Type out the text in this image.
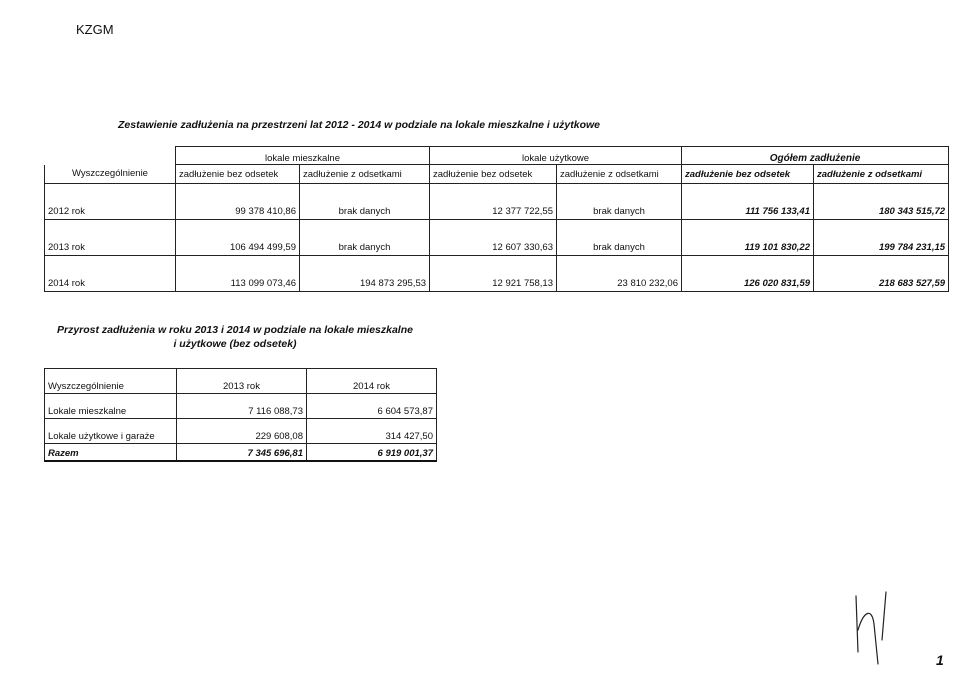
KZGM
Zestawienie zadłużenia na przestrzeni lat 2012 - 2014 w podziale na lokale mieszkalne i użytkowe
	lokale mieszkalne		lokale użytkowe		Ogółem zadłużenie	
Wyszczególnienie	zadłużenie bez odsetek	zadłużenie z odsetkami	zadłużenie bez odsetek	zadłużenie z odsetkami	zadłużenie bez odsetek	zadłużenie z odsetkami
2012 rok	99 378 410,86	brak danych	12 377 722,55	brak danych	111 756 133,41	180 343 515,72
2013 rok	106 494 499,59	brak danych	12 607 330,63	brak danych	119 101 830,22	199 784 231,15
2014 rok	113 099 073,46	194 873 295,53	12 921 758,13	23 810 232,06	126 020 831,59	218 683 527,59
Przyrost zadłużenia w roku 2013 i 2014 w podziale na lokale mieszkalne
i użytkowe (bez odsetek)
Wyszczególnienie	2013 rok	2014 rok
Lokale mieszkalne	7 116 088,73	6 604 573,87
Lokale użytkowe i garaże	229 608,08	314 427,50
Razem	7 345 696,81	6 919 001,37
1
